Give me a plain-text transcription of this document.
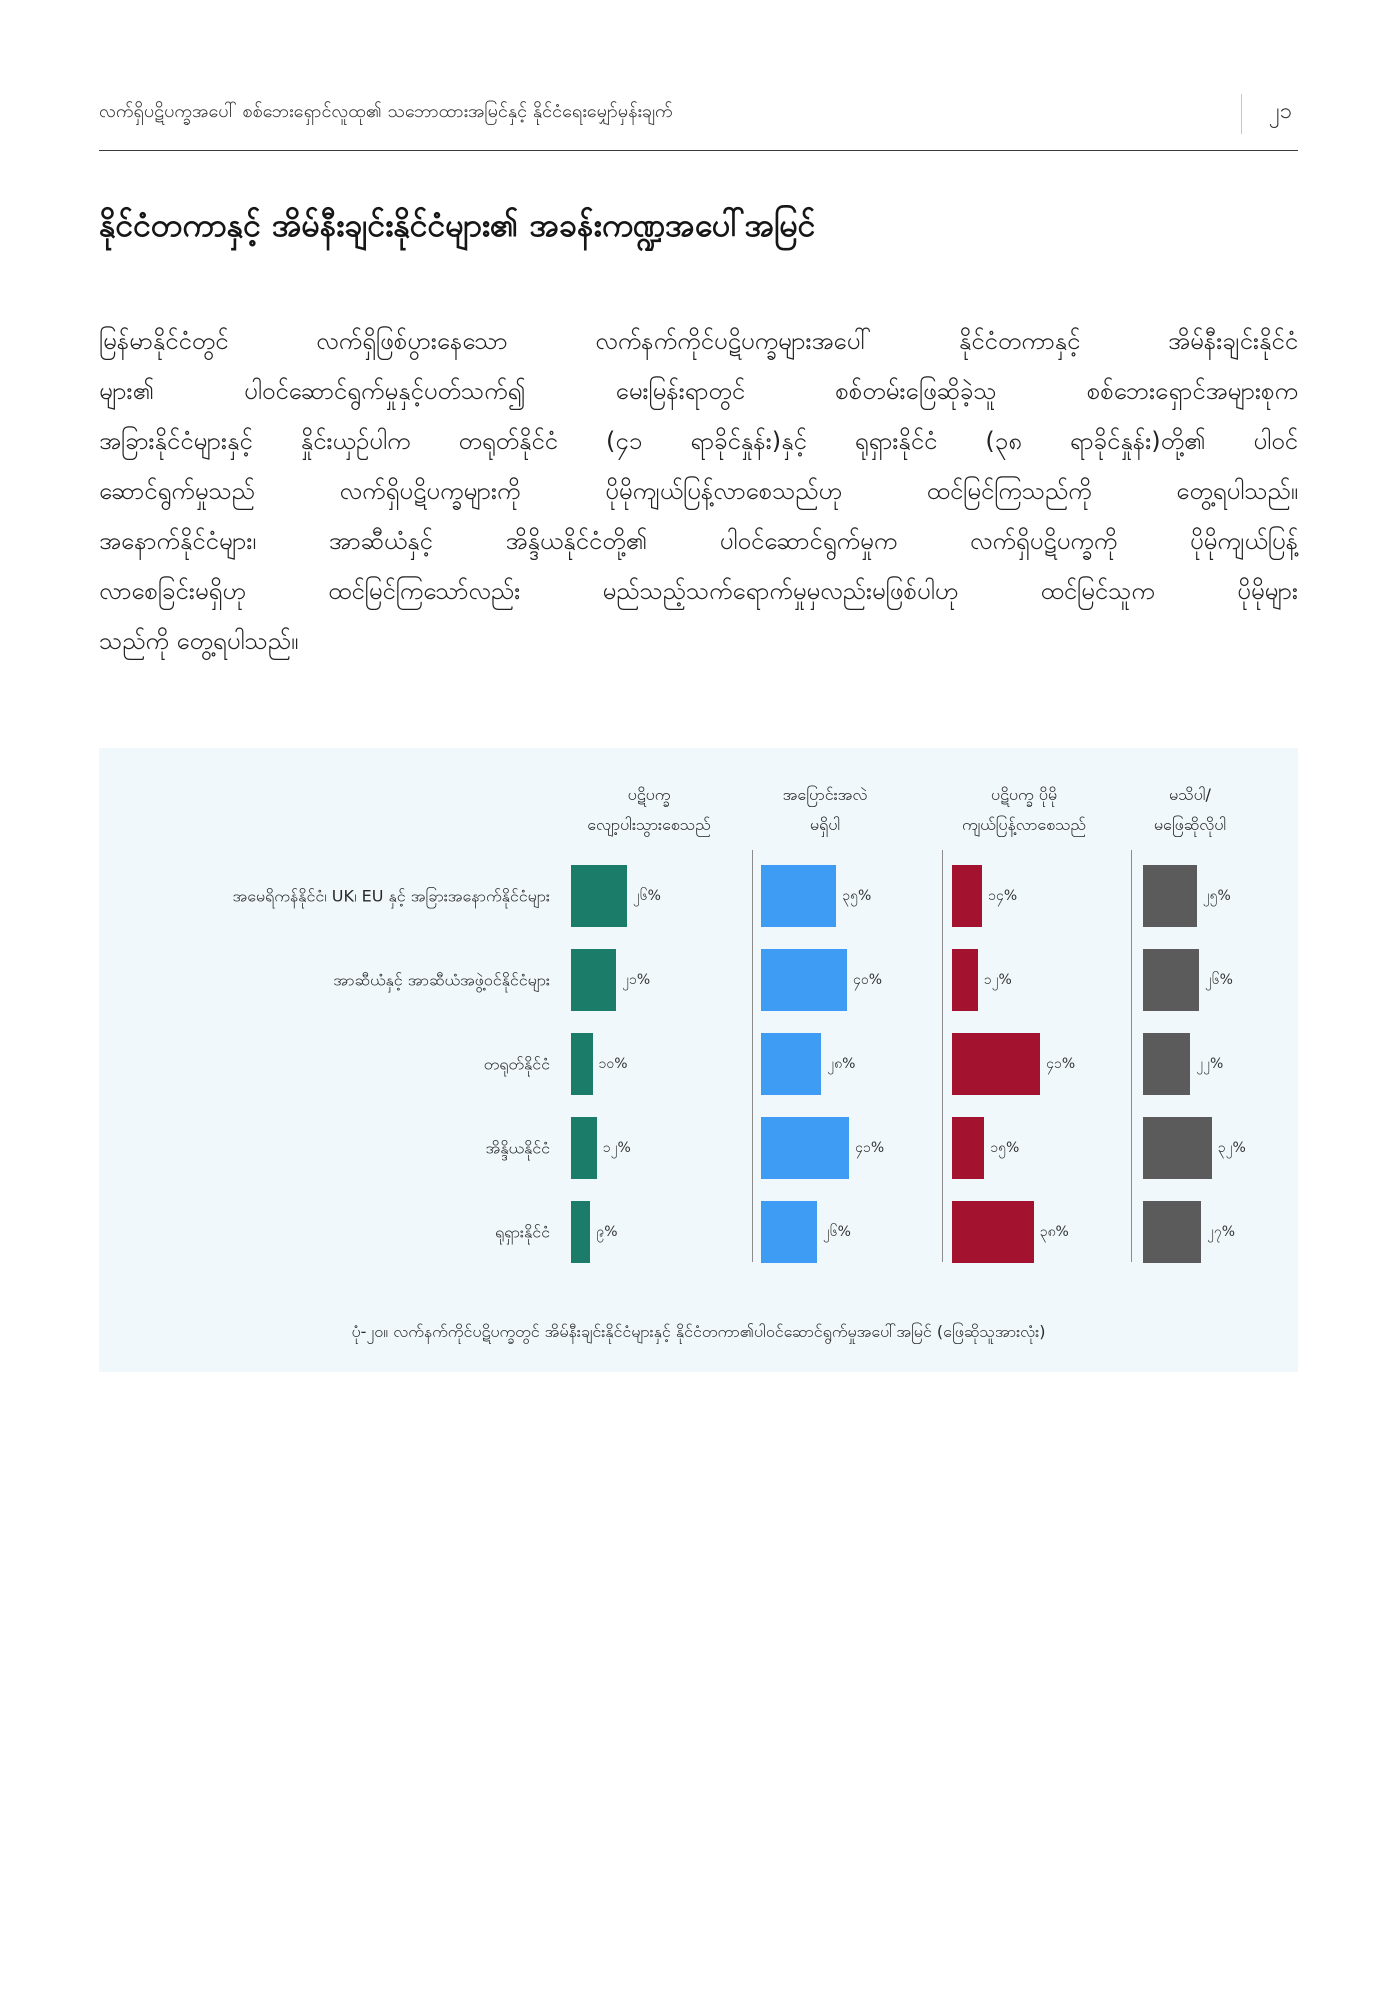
လက်ရှိပဋိပက္ခအပေါ် စစ်ဘေးရှောင်လူထု၏ သဘောထားအမြင်နှင့် နိုင်ငံရေးမျှော်မှန်းချက်	၂၁
နိုင်ငံတကာနှင့် အိမ်နီးချင်းနိုင်ငံများ၏ အခန်းကဏ္ဍအပေါ်အမြင်
မြန်မာနိုင်ငံတွင် လက်ရှိဖြစ်ပွားနေသော လက်နက်ကိုင်ပဋိပက္ခများအပေါ် နိုင်ငံတကာနှင့် အိမ်နီးချင်းနိုင်ငံ
များ၏ ပါဝင်ဆောင်ရွက်မှုနှင့်ပတ်သက်၍ မေးမြန်းရာတွင် စစ်တမ်းဖြေဆိုခဲ့သူ စစ်ဘေးရှောင်အများစုက
အခြားနိုင်ငံများနှင့် နှိုင်းယှဉ်ပါက တရုတ်နိုင်ငံ (၄၁ ရာခိုင်နှုန်း)နှင့် ရုရှားနိုင်ငံ (၃၈ ရာခိုင်နှုန်း)တို့၏ ပါဝင်
ဆောင်ရွက်မှုသည် လက်ရှိပဋိပက္ခများကို ပိုမိုကျယ်ပြန့်လာစေသည်ဟု ထင်မြင်ကြသည်ကို တွေ့ရပါသည်။
အနောက်နိုင်ငံများ၊ အာဆီယံနှင့် အိန္ဒိယနိုင်ငံတို့၏ ပါဝင်ဆောင်ရွက်မှုက လက်ရှိပဋိပက္ခကို ပိုမိုကျယ်ပြန့်
လာစေခြင်းမရှိဟု ထင်မြင်ကြသော်လည်း မည်သည့်သက်ရောက်မှုမှလည်းမဖြစ်ပါဟု ထင်မြင်သူက ပိုမိုများ
သည်ကို တွေ့ရပါသည်။
ပဋိပက္ခ
လျော့ပါးသွားစေသည်
အပြောင်းအလဲ
မရှိပါ
ပဋိပက္ခ ပိုမို
ကျယ်ပြန့်လာစေသည်
မသိပါ/
မဖြေဆိုလိုပါ
အမေရိကန်နိုင်ငံ၊ UK၊ EU နှင့် အခြားအနောက်နိုင်ငံများ
အာဆီယံနှင့် အာဆီယံအဖွဲ့ဝင်နိုင်ငံများ
တရုတ်နိုင်ငံ
အိန္ဒိယနိုင်ငံ
ရုရှားနိုင်ငံ
၂၆%
၂၁%
၁၀%
၁၂%
၉%
၃၅%
၄၀%
၂၈%
၄၁%
၂၆%
၁၄%
၁၂%
၄၁%
၁၅%
၃၈%
၂၅%
၂၆%
၂၂%
၃၂%
၂၇%
ပုံ-၂၀။ လက်နက်ကိုင်ပဋိပက္ခတွင် အိမ်နီးချင်းနိုင်ငံများနှင့် နိုင်ငံတကာ၏ပါဝင်ဆောင်ရွက်မှုအပေါ်အမြင် (ဖြေဆိုသူအားလုံး)
